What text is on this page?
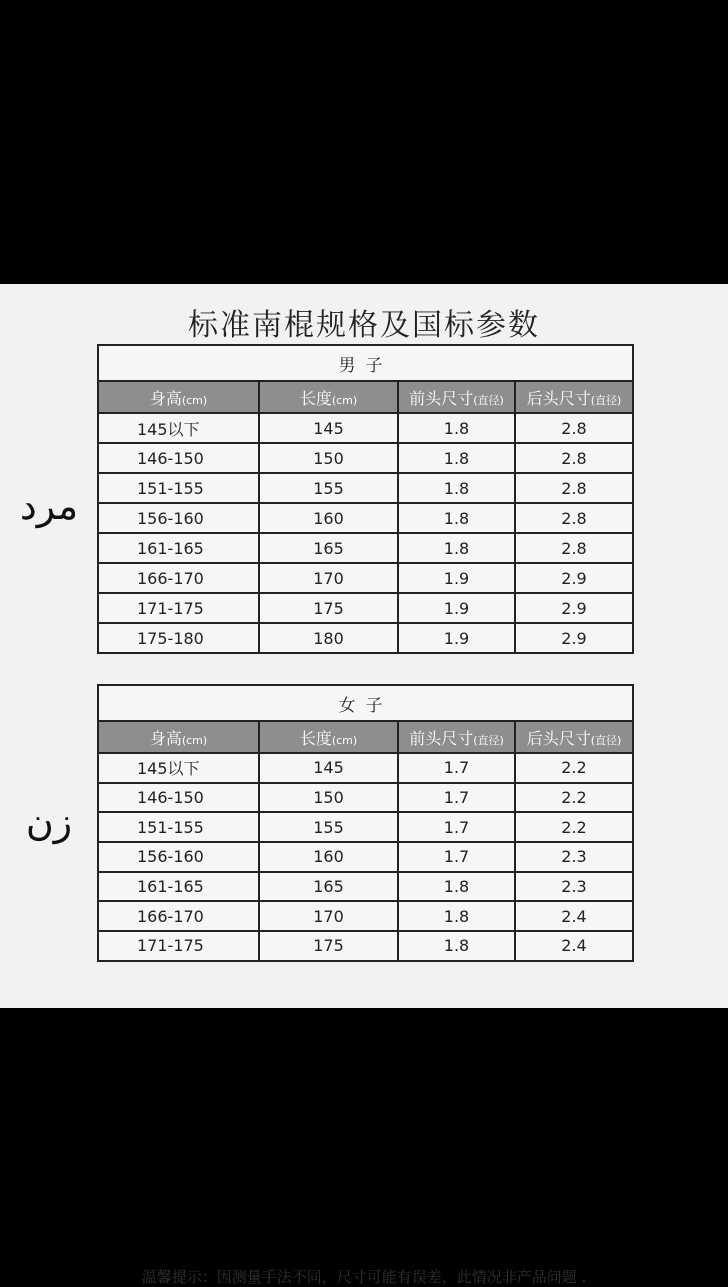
标准南棍规格及国标参数
男子			
身高(cm)	长度(cm)	前头尺寸(直径)	后头尺寸(直径)
145以下	145	1.8	2.8
146-150	150	1.8	2.8
151-155	155	1.8	2.8
156-160	160	1.8	2.8
161-165	165	1.8	2.8
166-170	170	1.9	2.9
171-175	175	1.9	2.9
175-180	180	1.9	2.9
女子			
身高(cm)	长度(cm)	前头尺寸(直径)	后头尺寸(直径)
145以下	145	1.7	2.2
146-150	150	1.7	2.2
151-155	155	1.7	2.2
156-160	160	1.7	2.3
161-165	165	1.8	2.3
166-170	170	1.8	2.4
171-175	175	1.8	2.4
温馨提示：因测量手法不同，尺寸可能有误差，此情况非产品问题 .
مرد
زن
